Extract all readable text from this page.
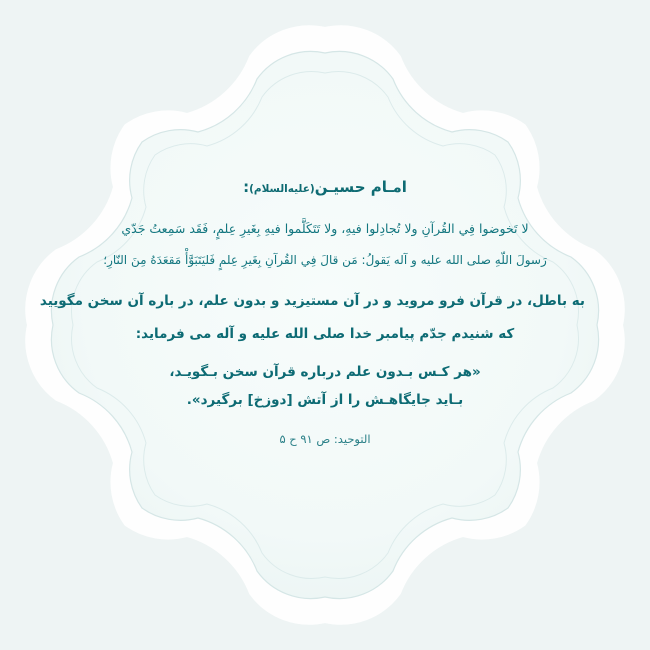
امـام حسیـن(علیه‌السلام):

لا تَخوضوا فِي القُرآنِ ولا تُجادِلوا فيهِ، ولا تَتَكَلَّموا فيهِ بِغَيرِ عِلمٍ، فَقَد سَمِعتُ جَدّي

رَسولَ اللّهِ صلى الله عليه و آله يَقولُ: مَن قالَ فِي القُرآنِ بِغَيرِ عِلمٍ فَليَتَبَوَّأْ مَقعَدَهُ مِنَ النّارِ؛

به باطل، در قرآن فرو مروید و در آن مستیزید و بدون علم، در باره آن سخن مگویید

که شنیدم جدّم پیامبر خدا صلی الله علیه و آله می فرماید:

«هر کـس بـدون علم درباره قرآن سخن بـگویـد،

بـاید جایگاهـش را از آتش [دوزخ] برگیرد».

التوحید: ص ۹۱ ح ۵
